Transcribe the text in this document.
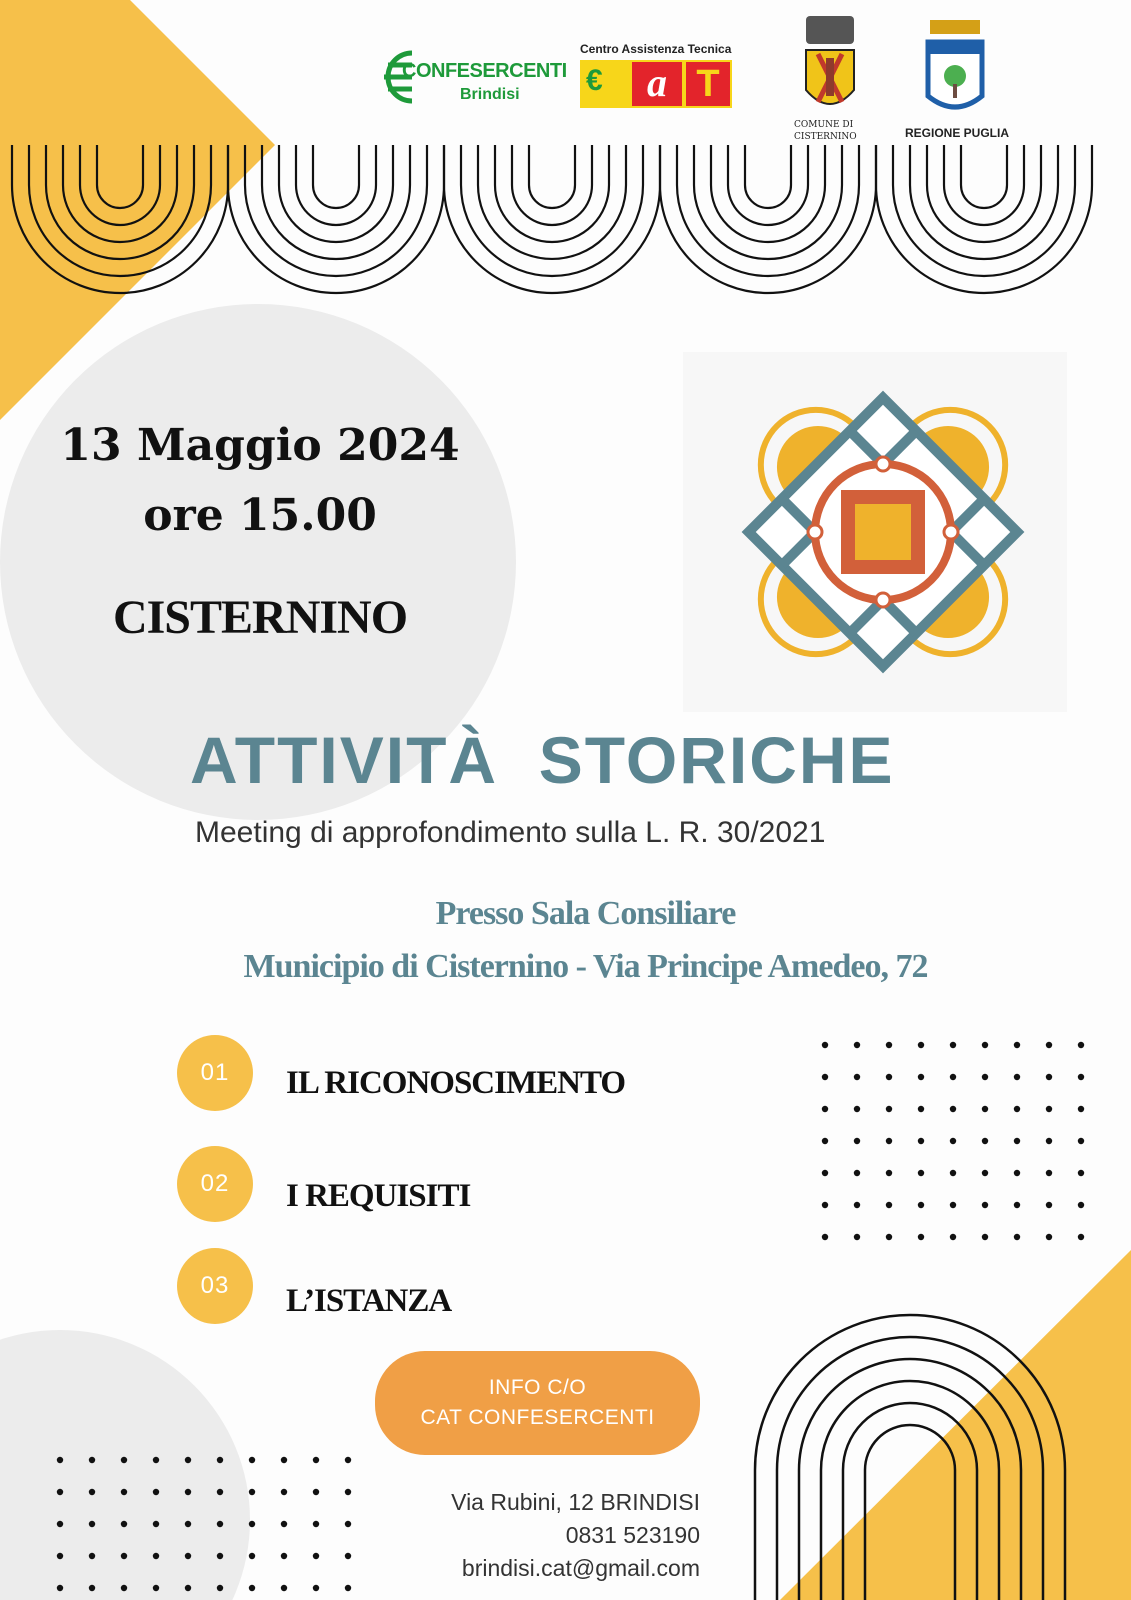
CONFESERCENTI
Brindisi
Centro Assistenza Tecnica
a T
€
COMUNE DI
CISTERNINO	REGIONE PUGLIA
13 Maggio 2024
ore 15.00
CISTERNINO
ATTIVITÀ  STORICHE
Meeting di approfondimento sulla L. R. 30/2021
Presso Sala Consiliare
Municipio di Cisternino - Via Principe Amedeo, 72
01	IL RICONOSCIMENTO
02	I REQUISITI
03	L’ISTANZA
INFO C/O
CAT CONFESERCENTI
Via Rubini, 12 BRINDISI
0831 523190
brindisi.cat@gmail.com
